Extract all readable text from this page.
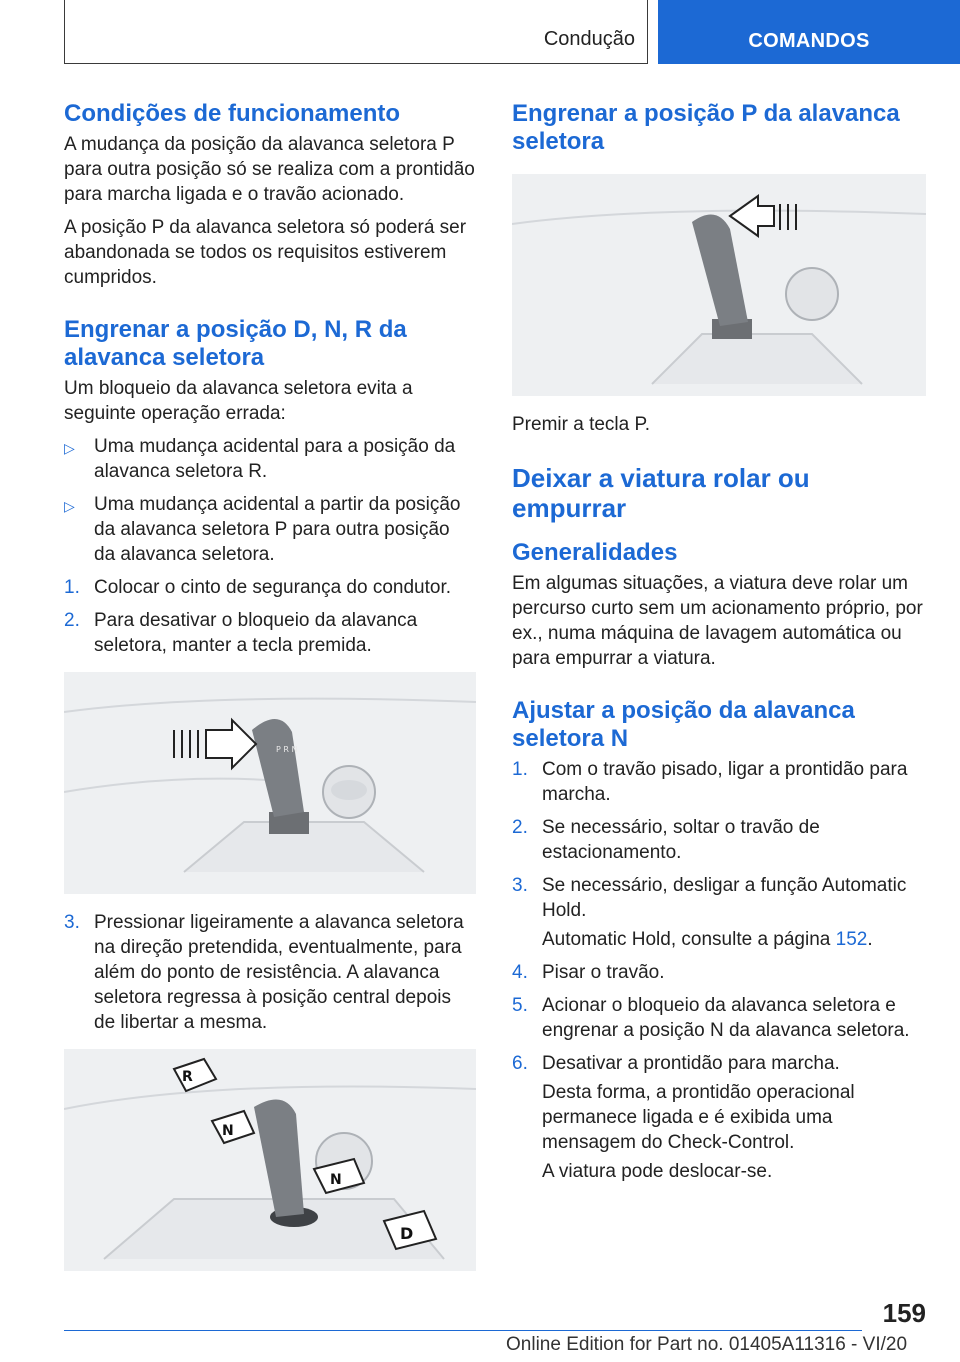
Condução	COMANDOS
Condições de funcionamento

A mudança da posição da alavanca seletora P para outra posição só se realiza com a prontidão para marcha ligada e o travão acionado.

A posição P da alavanca seletora só poderá ser abandonada se todos os requisitos estiverem cumpridos.

Engrenar a posição D, N, R da alavanca seletora

Um bloqueio da alavanca seletora evita a seguinte operação errada:

▷ Uma mudança acidental para a posição da alavanca seletora R.
▷ Uma mudança acidental a partir da posição da alavanca seletora P para outra posição da alavanca seletora.
1. Colocar o cinto de segurança do condutor.
2. Para desativar o bloqueio da alavanca seletora, manter a tecla premida.
P R N
3. Pressionar ligeiramente a alavanca seletora na direção pretendida, eventualmente, para além do ponto de resistência. A alavanca seletora regressa à posição central depois de libertar a mesma.
R
N
N
D
Engrenar a posição P da alavanca seletora

Premir a tecla P.

Deixar a viatura rolar ou empurrar
Generalidades

Em algumas situações, a viatura deve rolar um percurso curto sem um acionamento próprio, por ex., numa máquina de lavagem automática ou para empurrar a viatura.

Ajustar a posição da alavanca seletora N
1. Com o travão pisado, ligar a prontidão para marcha.
2. Se necessário, soltar o travão de estacionamento.
3. Se necessário, desligar a função Automatic Hold.

Automatic Hold, consulte a página 152.

4. Pisar o travão.
5. Acionar o bloqueio da alavanca seletora e engrenar a posição N da alavanca seletora.
6. Desativar a prontidão para marcha.

Desta forma, a prontidão operacional permanece ligada e é exibida uma mensagem do Check-Control.

A viatura pode deslocar-se.

159
Online Edition for Part no. 01405A11316 - VI/20
